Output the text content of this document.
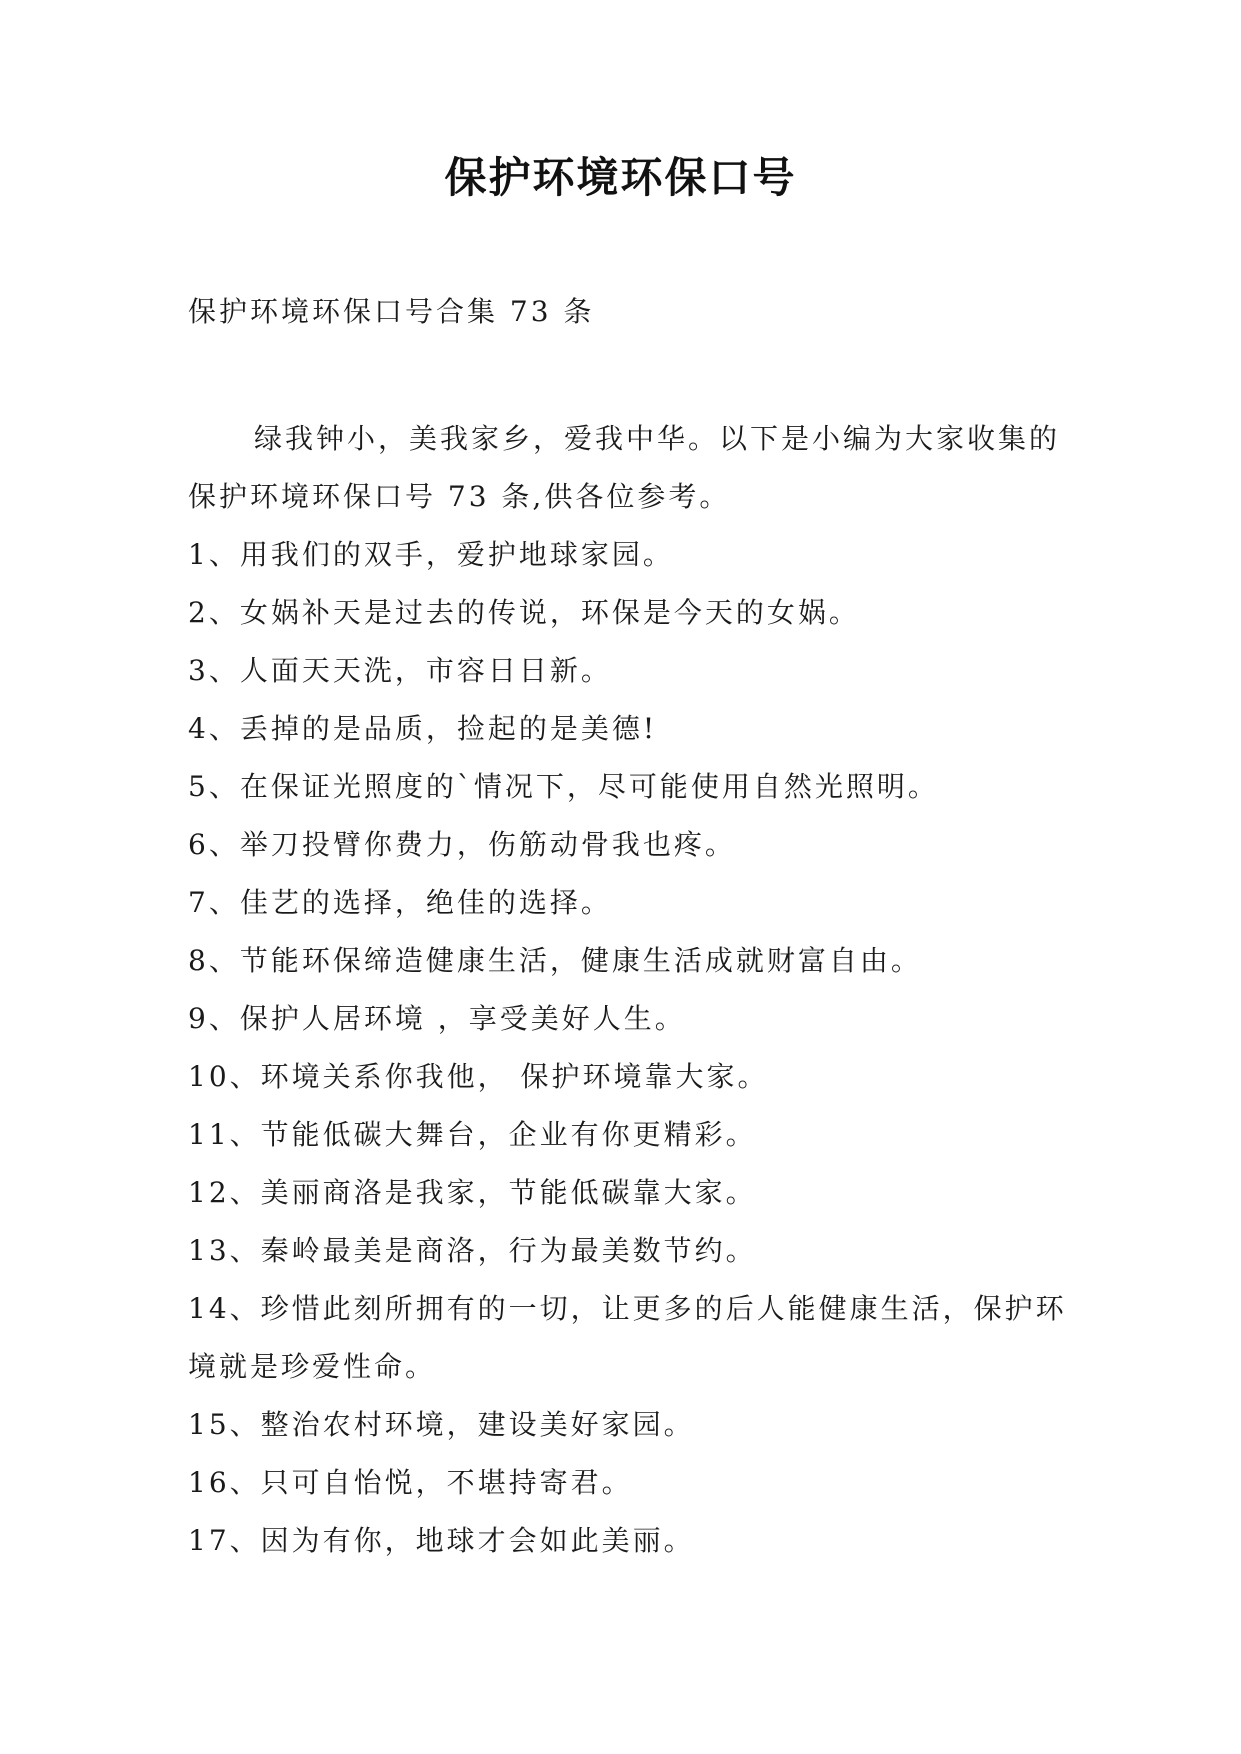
保护环境环保口号
保护环境环保口号合集 73 条

绿我钟小，美我家乡，爱我中华。以下是小编为大家收集的保护环境环保口号 73 条,供各位参考。

1、用我们的双手，爱护地球家园。
2、女娲补天是过去的传说，环保是今天的女娲。
3、人面天天洗，市容日日新。
4、丢掉的是品质，捡起的是美德!
5、在保证光照度的`情况下，尽可能使用自然光照明。
6、举刀投臂你费力，伤筋动骨我也疼。
7、佳艺的选择，绝佳的选择。
8、节能环保缔造健康生活，健康生活成就财富自由。
9、保护人居环境 ，享受美好人生。
10、环境关系你我他， 保护环境靠大家。
11、节能低碳大舞台，企业有你更精彩。
12、美丽商洛是我家，节能低碳靠大家。
13、秦岭最美是商洛，行为最美数节约。
14、珍惜此刻所拥有的一切，让更多的后人能健康生活，保护环境就是珍爱性命。
15、整治农村环境，建设美好家园。
16、只可自怡悦，不堪持寄君。
17、因为有你，地球才会如此美丽。
